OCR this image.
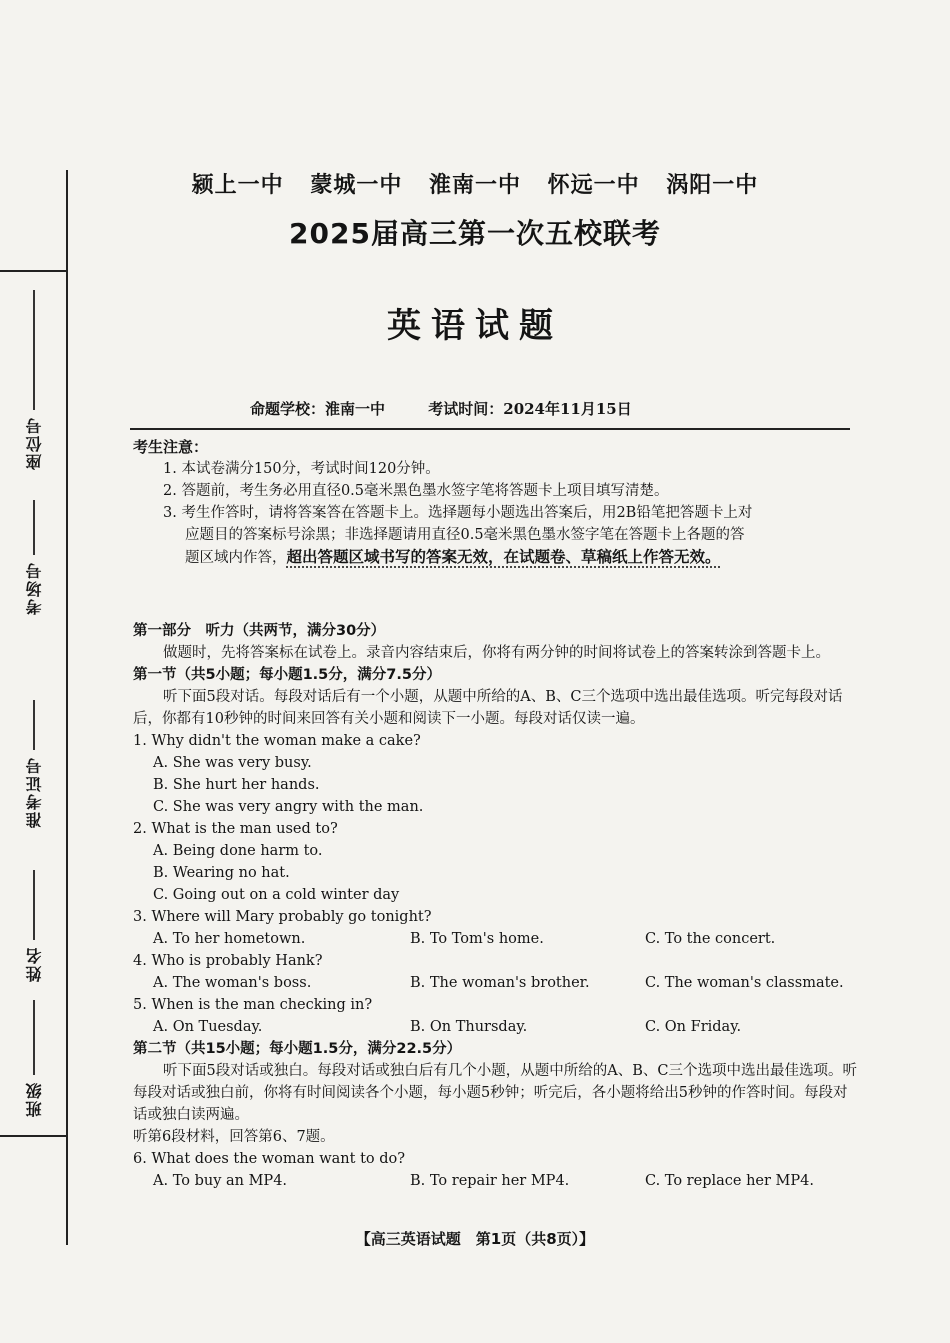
座位号
考场号
准考证号
姓名
班级
颍上一中 蒙城一中 淮南一中 怀远一中 涡阳一中
2025届高三第一次五校联考
英语试题
命题学校：淮南一中	考试时间：2024年11月15日
考生注意：
1. 本试卷满分150分，考试时间120分钟。
2. 答题前，考生务必用直径0.5毫米黑色墨水签字笔将答题卡上项目填写清楚。
3. 考生作答时，请将答案答在答题卡上。选择题每小题选出答案后，用2B铅笔把答题卡上对
应题目的答案标号涂黑；非选择题请用直径0.5毫米黑色墨水签字笔在答题卡上各题的答
题区域内作答，超出答题区域书写的答案无效，在试题卷、草稿纸上作答无效。
第一部分　听力（共两节，满分30分）
做题时，先将答案标在试卷上。录音内容结束后，你将有两分钟的时间将试卷上的答案转涂到答题卡上。
第一节（共5小题；每小题1.5分，满分7.5分）
听下面5段对话。每段对话后有一个小题，从题中所给的A、B、C三个选项中选出最佳选项。听完每段对话后，你都有10秒钟的时间来回答有关小题和阅读下一小题。每段对话仅读一遍。
1. Why didn't the woman make a cake?
A. She was very busy.
B. She hurt her hands.
C. She was very angry with the man.
2. What is the man used to?
A. Being done harm to.
B. Wearing no hat.
C. Going out on a cold winter day
3. Where will Mary probably go tonight?
A. To her hometown.	B. To Tom's home.	C. To the concert.
4. Who is probably Hank?
A. The woman's boss.	B. The woman's brother.	C. The woman's classmate.
5. When is the man checking in?
A. On Tuesday.	B. On Thursday.	C. On Friday.
第二节（共15小题；每小题1.5分，满分22.5分）
听下面5段对话或独白。每段对话或独白后有几个小题，从题中所给的A、B、C三个选项中选出最佳选项。听每段对话或独白前，你将有时间阅读各个小题，每小题5秒钟；听完后，各小题将给出5秒钟的作答时间。每段对话或独白读两遍。
听第6段材料，回答第6、7题。
6. What does the woman want to do?
A. To buy an MP4.	B. To repair her MP4.	C. To replace her MP4.
【高三英语试题　第1页（共8页）】
